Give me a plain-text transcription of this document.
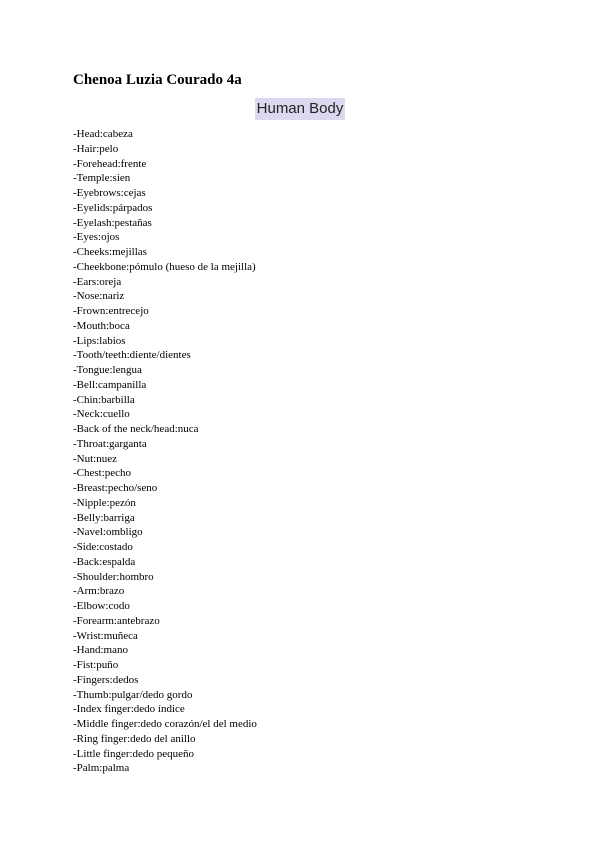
Chenoa Luzia Courado 4a
Human Body
-Head:cabeza
-Hair:pelo
-Forehead:frente
-Temple:sien
-Eyebrows:cejas
-Eyelids:párpados
-Eyelash:pestañas
-Eyes:ojos
-Cheeks:mejillas
-Cheekbone:pómulo (hueso de la mejilla)
-Ears:oreja
-Nose:nariz
-Frown:entrecejo
-Mouth:boca
-Lips:labios
-Tooth/teeth:diente/dientes
-Tongue:lengua
-Bell:campanilla
-Chin:barbilla
-Neck:cuello
-Back of the neck/head:nuca
-Throat:garganta
-Nut:nuez
-Chest:pecho
-Breast:pecho/seno
-Nipple:pezón
-Belly:barriga
-Navel:ombligo
-Side:costado
-Back:espalda
-Shoulder:hombro
-Arm:brazo
-Elbow:codo
-Forearm:antebrazo
-Wrist:muñeca
-Hand:mano
-Fist:puño
-Fingers:dedos
-Thumb:pulgar/dedo gordo
-Index finger:dedo índice
-Middle finger:dedo corazón/el del medio
-Ring finger:dedo del anillo
-Little finger:dedo pequeño
-Palm:palma
